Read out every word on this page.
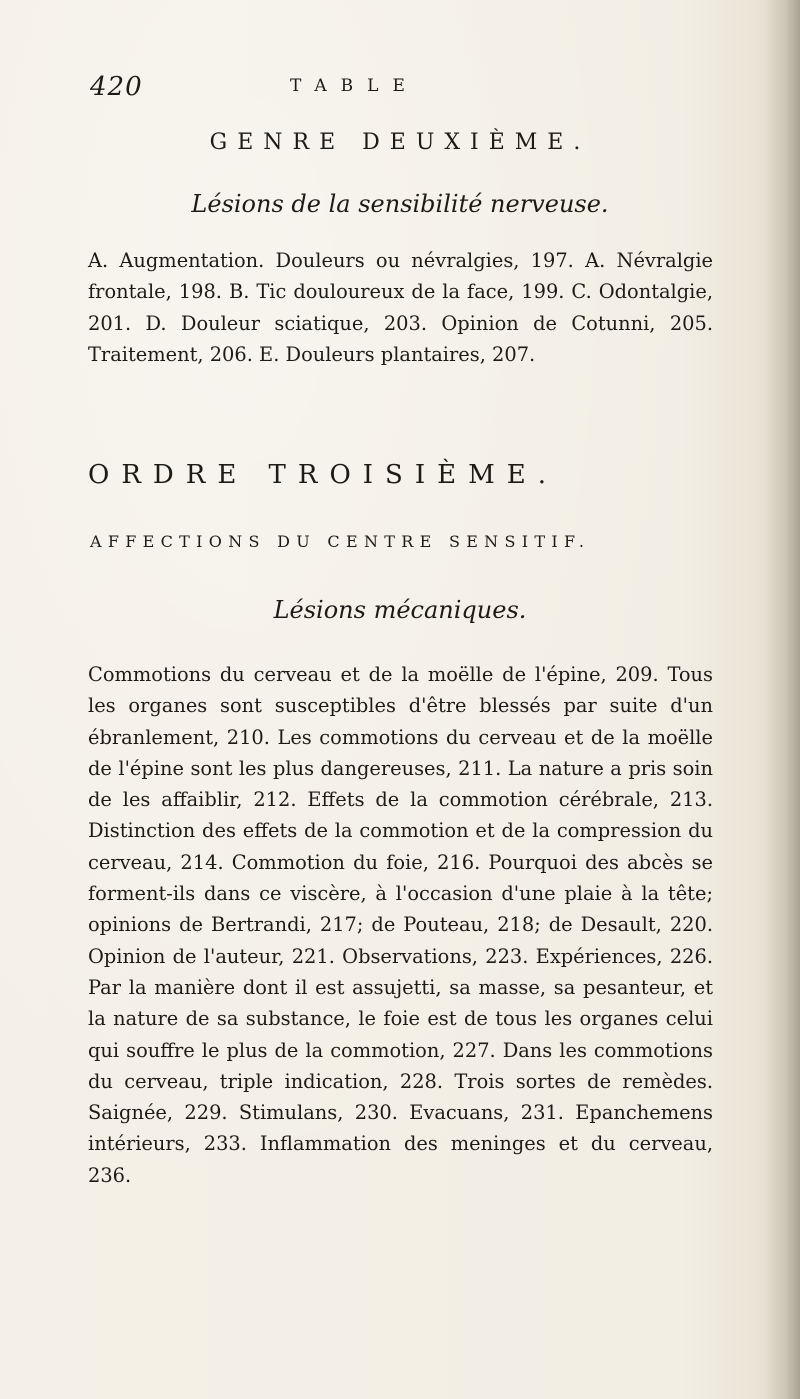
420	TABLE
GENRE DEUXIÈME.
Lésions de la sensibilité nerveuse.
A. Augmentation. Douleurs ou névralgies, 197. A. Névralgie frontale, 198. B. Tic douloureux de la face, 199. C. Odontalgie, 201. D. Douleur sciatique, 203. Opinion de Cotunni, 205. Traitement, 206. E. Douleurs plantaires, 207.
ORDRE TROISIÈME.
AFFECTIONS DU CENTRE SENSITIF.
Lésions mécaniques.
Commotions du cerveau et de la moëlle de l'épine, 209. Tous les organes sont susceptibles d'être blessés par suite d'un ébranlement, 210. Les commotions du cerveau et de la moëlle de l'épine sont les plus dangereuses, 211. La nature a pris soin de les affaiblir, 212. Effets de la commotion cérébrale, 213. Distinction des effets de la commotion et de la compression du cerveau, 214. Commotion du foie, 216. Pourquoi des abcès se forment-ils dans ce viscère, à l'occasion d'une plaie à la tête; opinions de Bertrandi, 217; de Pouteau, 218; de Desault, 220. Opinion de l'auteur, 221. Observations, 223. Expériences, 226. Par la manière dont il est assujetti, sa masse, sa pesanteur, et la nature de sa substance, le foie est de tous les organes celui qui souffre le plus de la commotion, 227. Dans les commotions du cerveau, triple indication, 228. Trois sortes de remèdes. Saignée, 229. Stimulans, 230. Evacuans, 231. Epanchemens intérieurs, 233. Inflammation des meninges et du cerveau, 236.
